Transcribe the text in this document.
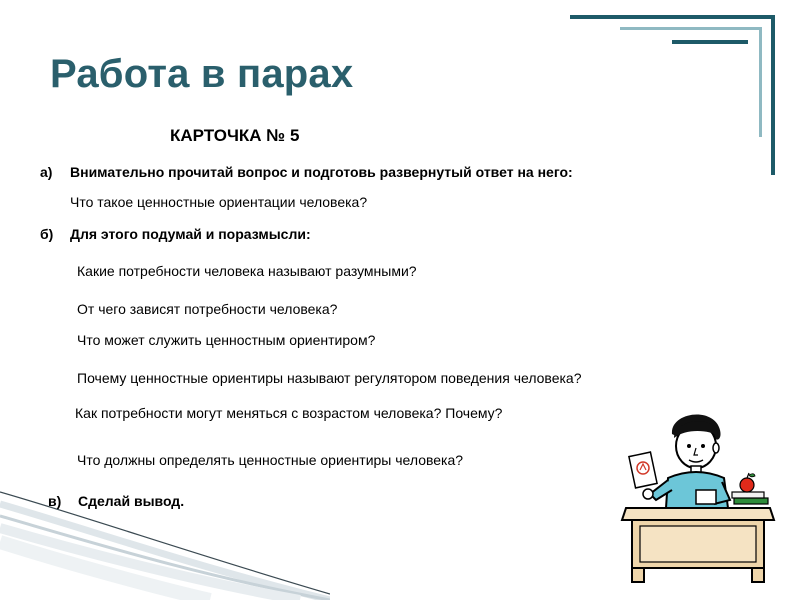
Работа в парах
КАРТОЧКА № 5
а) Внимательно прочитай вопрос и подготовь развернутый ответ на него:
Что такое ценностные ориентации человека?
б) Для этого подумай и поразмысли:
Какие потребности человека называют разумными?
От чего зависят потребности человека?
Что может служить ценностным ориентиром?
Почему ценностные ориентиры называют регулятором поведения человека?
Как потребности могут меняться с возрастом человека? Почему?
Что должны определять ценностные ориентиры человека?
в) Сделай вывод.
